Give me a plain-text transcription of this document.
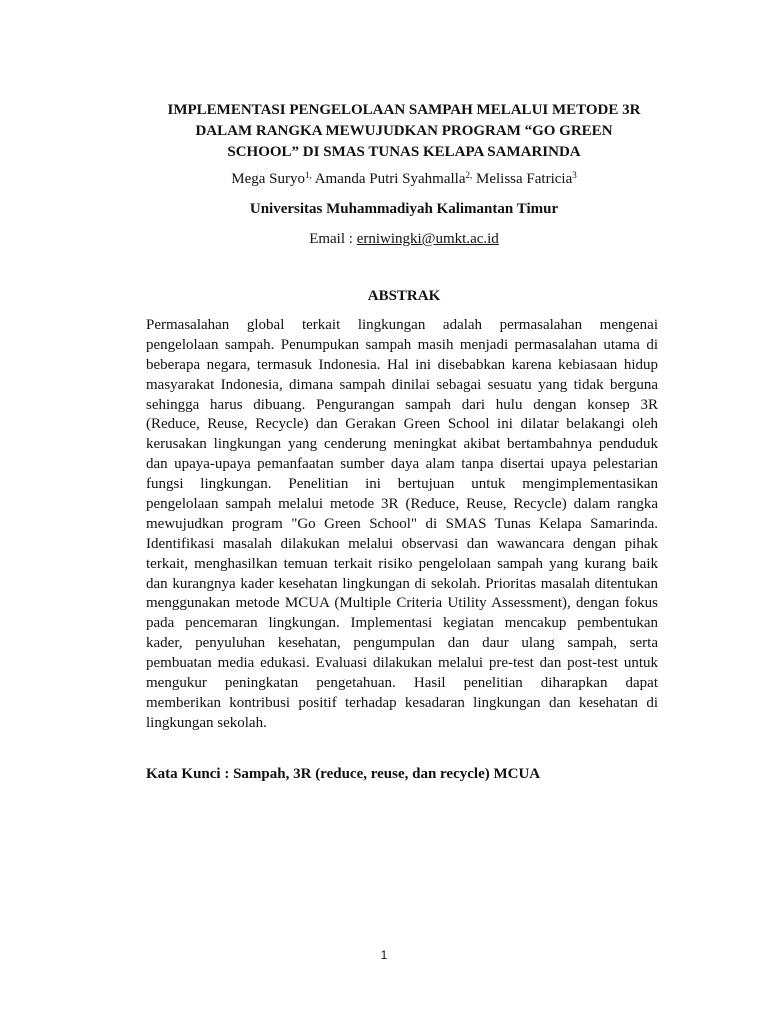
IMPLEMENTASI PENGELOLAAN SAMPAH MELALUI METODE 3R
DALAM RANGKA MEWUJUDKAN PROGRAM “GO GREEN
SCHOOL” DI SMAS TUNAS KELAPA SAMARINDA
Mega Suryo$^{1,}$ Amanda Putri Syahmalla$^{2,}$ Melissa Fatricia$^3$
Universitas Muhammadiyah Kalimantan Timur
Email : erniwingki@umkt.ac.id
ABSTRAK
Permasalahan global terkait lingkungan adalah permasalahan mengenai
pengelolaan sampah. Penumpukan sampah masih menjadi permasalahan utama di
beberapa negara, termasuk Indonesia. Hal ini disebabkan karena kebiasaan hidup
masyarakat Indonesia, dimana sampah dinilai sebagai sesuatu yang tidak berguna
sehingga harus dibuang. Pengurangan sampah dari hulu dengan konsep 3R
(Reduce, Reuse, Recycle) dan Gerakan Green School ini dilatar belakangi oleh
kerusakan lingkungan yang cenderung meningkat akibat bertambahnya penduduk
dan upaya-upaya pemanfaatan sumber daya alam tanpa disertai upaya pelestarian
fungsi lingkungan. Penelitian ini bertujuan untuk mengimplementasikan
pengelolaan sampah melalui metode 3R (Reduce, Reuse, Recycle) dalam rangka
mewujudkan program "Go Green School" di SMAS Tunas Kelapa Samarinda.
Identifikasi masalah dilakukan melalui observasi dan wawancara dengan pihak
terkait, menghasilkan temuan terkait risiko pengelolaan sampah yang kurang baik
dan kurangnya kader kesehatan lingkungan di sekolah. Prioritas masalah ditentukan
menggunakan metode MCUA (Multiple Criteria Utility Assessment), dengan fokus
pada pencemaran lingkungan. Implementasi kegiatan mencakup pembentukan
kader, penyuluhan kesehatan, pengumpulan dan daur ulang sampah, serta
pembuatan media edukasi. Evaluasi dilakukan melalui pre-test dan post-test untuk
mengukur peningkatan pengetahuan. Hasil penelitian diharapkan dapat
memberikan kontribusi positif terhadap kesadaran lingkungan dan kesehatan di
lingkungan sekolah.
Kata Kunci : Sampah, 3R (reduce, reuse, dan recycle) MCUA
1
